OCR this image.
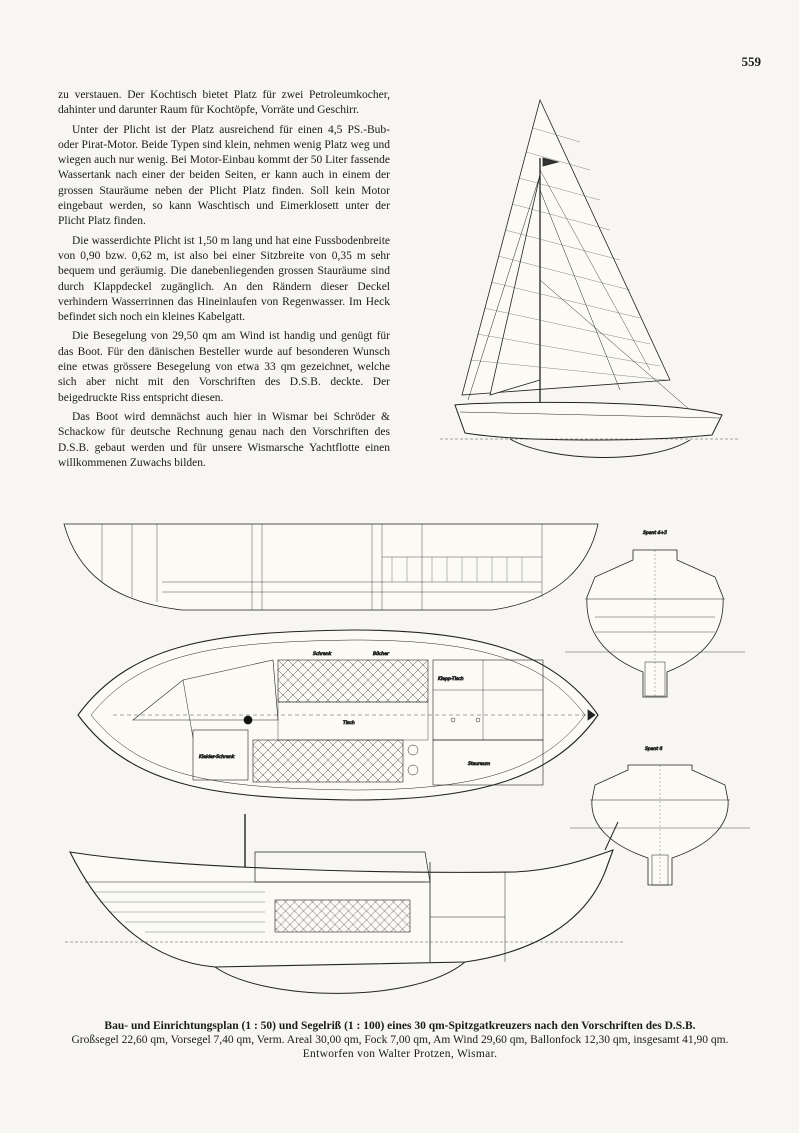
559

zu verstauen. Der Kochtisch bietet Platz für zwei Petroleumkocher, dahinter und darunter Raum für Kochtöpfe, Vorräte und Geschirr.

Unter der Plicht ist der Platz ausreichend für einen 4,5 PS.-Bub- oder Pirat-Motor. Beide Typen sind klein, nehmen wenig Platz weg und wiegen auch nur wenig. Bei Motor-Einbau kommt der 50 Liter fassende Wassertank nach einer der beiden Seiten, er kann auch in einem der grossen Stauräume neben der Plicht Platz finden. Soll kein Motor eingebaut werden, so kann Waschtisch und Eimerklosett unter der Plicht Platz finden.

Die wasserdichte Plicht ist 1,50 m lang und hat eine Fussbodenbreite von 0,90 bzw. 0,62 m, ist also bei einer Sitzbreite von 0,35 m sehr bequem und geräumig. Die danebenliegenden grossen Stauräume sind durch Klappdeckel zugänglich. An den Rändern dieser Deckel verhindern Wasserrinnen das Hineinlaufen von Regenwasser. Im Heck befindet sich noch ein kleines Kabelgatt.

Die Besegelung von 29,50 qm am Wind ist handig und genügt für das Boot. Für den dänischen Besteller wurde auf besonderen Wunsch eine etwas grössere Besegelung von etwa 33 qm gezeichnet, welche sich aber nicht mit den Vorschriften des D.S.B. deckte. Der beigedruckte Riss entspricht diesen.

Das Boot wird demnächst auch hier in Wismar bei Schröder & Schackow für deutsche Rechnung genau nach den Vorschriften des D.S.B. gebaut werden und für unsere Wismarsche Yachtflotte einen willkommenen Zuwachs bilden.

Spant 4+5
Kleider-Schrank
Schrank	Bücher
Stauraum
Klapp-Tisch
Tisch
Spant 6
Bau- und Einrichtungsplan (1 : 50) und Segelriß (1 : 100) eines 30 qm-Spitzgatkreuzers nach den Vorschriften des D.S.B.
Großsegel 22,60 qm, Vorsegel 7,40 qm, Verm. Areal 30,00 qm, Fock 7,00 qm, Am Wind 29,60 qm, Ballonfock 12,30 qm, insgesamt 41,90 qm.
Entworfen von Walter Protzen, Wismar.
